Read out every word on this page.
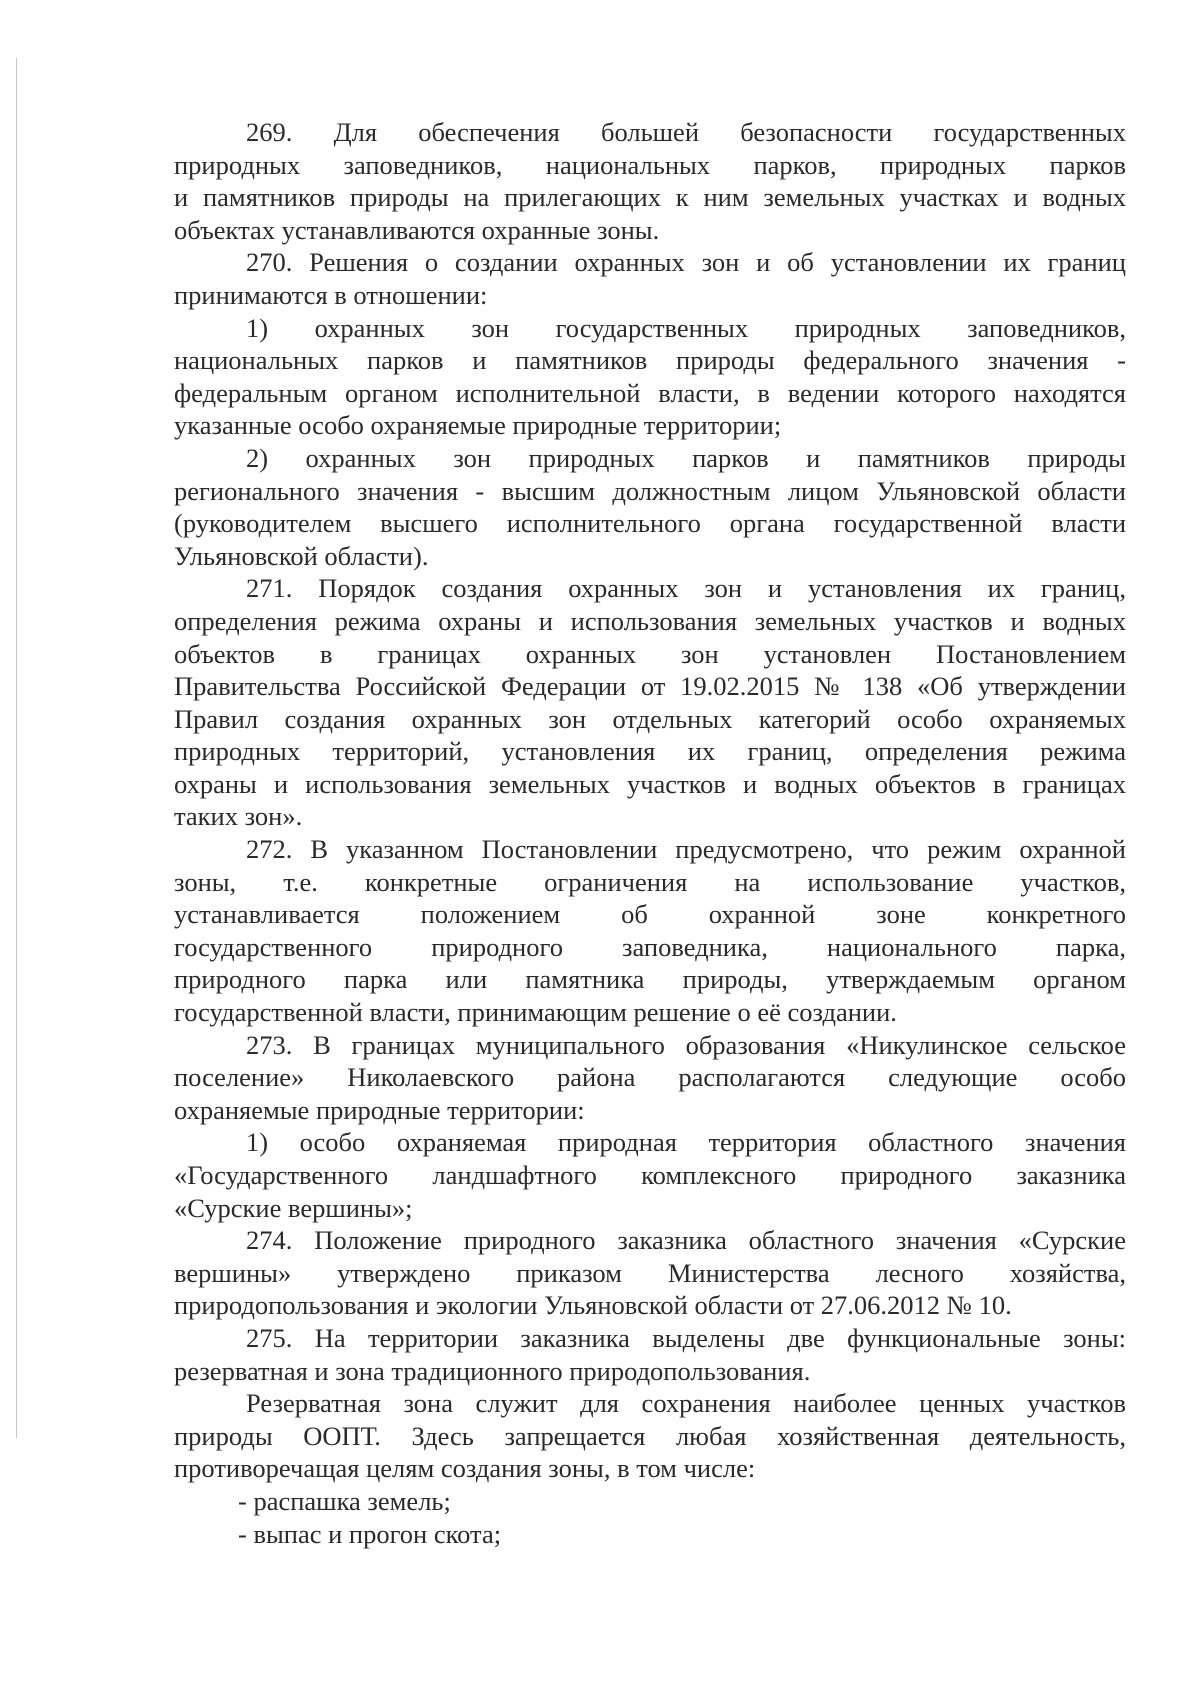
269. Для обеспечения большей безопасности государственных
природных заповедников, национальных парков, природных парков
и памятников природы на прилегающих к ним земельных участках и водных
объектах устанавливаются охранные зоны.
270. Решения о создании охранных зон и об установлении их границ
принимаются в отношении:
1) охранных зон государственных природных заповедников,
национальных парков и памятников природы федерального значения -
федеральным органом исполнительной власти, в ведении которого находятся
указанные особо охраняемые природные территории;
2) охранных зон природных парков и памятников природы
регионального значения - высшим должностным лицом Ульяновской области
(руководителем высшего исполнительного органа государственной власти
Ульяновской области).
271. Порядок создания охранных зон и установления их границ,
определения режима охраны и использования земельных участков и водных
объектов в границах охранных зон установлен Постановлением
Правительства Российской Федерации от 19.02.2015 № 138 «Об утверждении
Правил создания охранных зон отдельных категорий особо охраняемых
природных территорий, установления их границ, определения режима
охраны и использования земельных участков и водных объектов в границах
таких зон».
272. В указанном Постановлении предусмотрено, что режим охранной
зоны, т.е. конкретные ограничения на использование участков,
устанавливается положением об охранной зоне конкретного
государственного природного заповедника, национального парка,
природного парка или памятника природы, утверждаемым органом
государственной власти, принимающим решение о её создании.
273. В границах муниципального образования «Никулинское сельское
поселение» Николаевского района располагаются следующие особо
охраняемые природные территории:
1) особо охраняемая природная территория областного значения
«Государственного ландшафтного комплексного природного заказника
«Сурские вершины»;
274. Положение природного заказника областного значения «Сурские
вершины» утверждено приказом Министерства лесного хозяйства,
природопользования и экологии Ульяновской области от 27.06.2012 № 10.
275. На территории заказника выделены две функциональные зоны:
резерватная и зона традиционного природопользования.
Резерватная зона служит для сохранения наиболее ценных участков
природы ООПТ. Здесь запрещается любая хозяйственная деятельность,
противоречащая целям создания зоны, в том числе:
- распашка земель;
- выпас и прогон скота;
